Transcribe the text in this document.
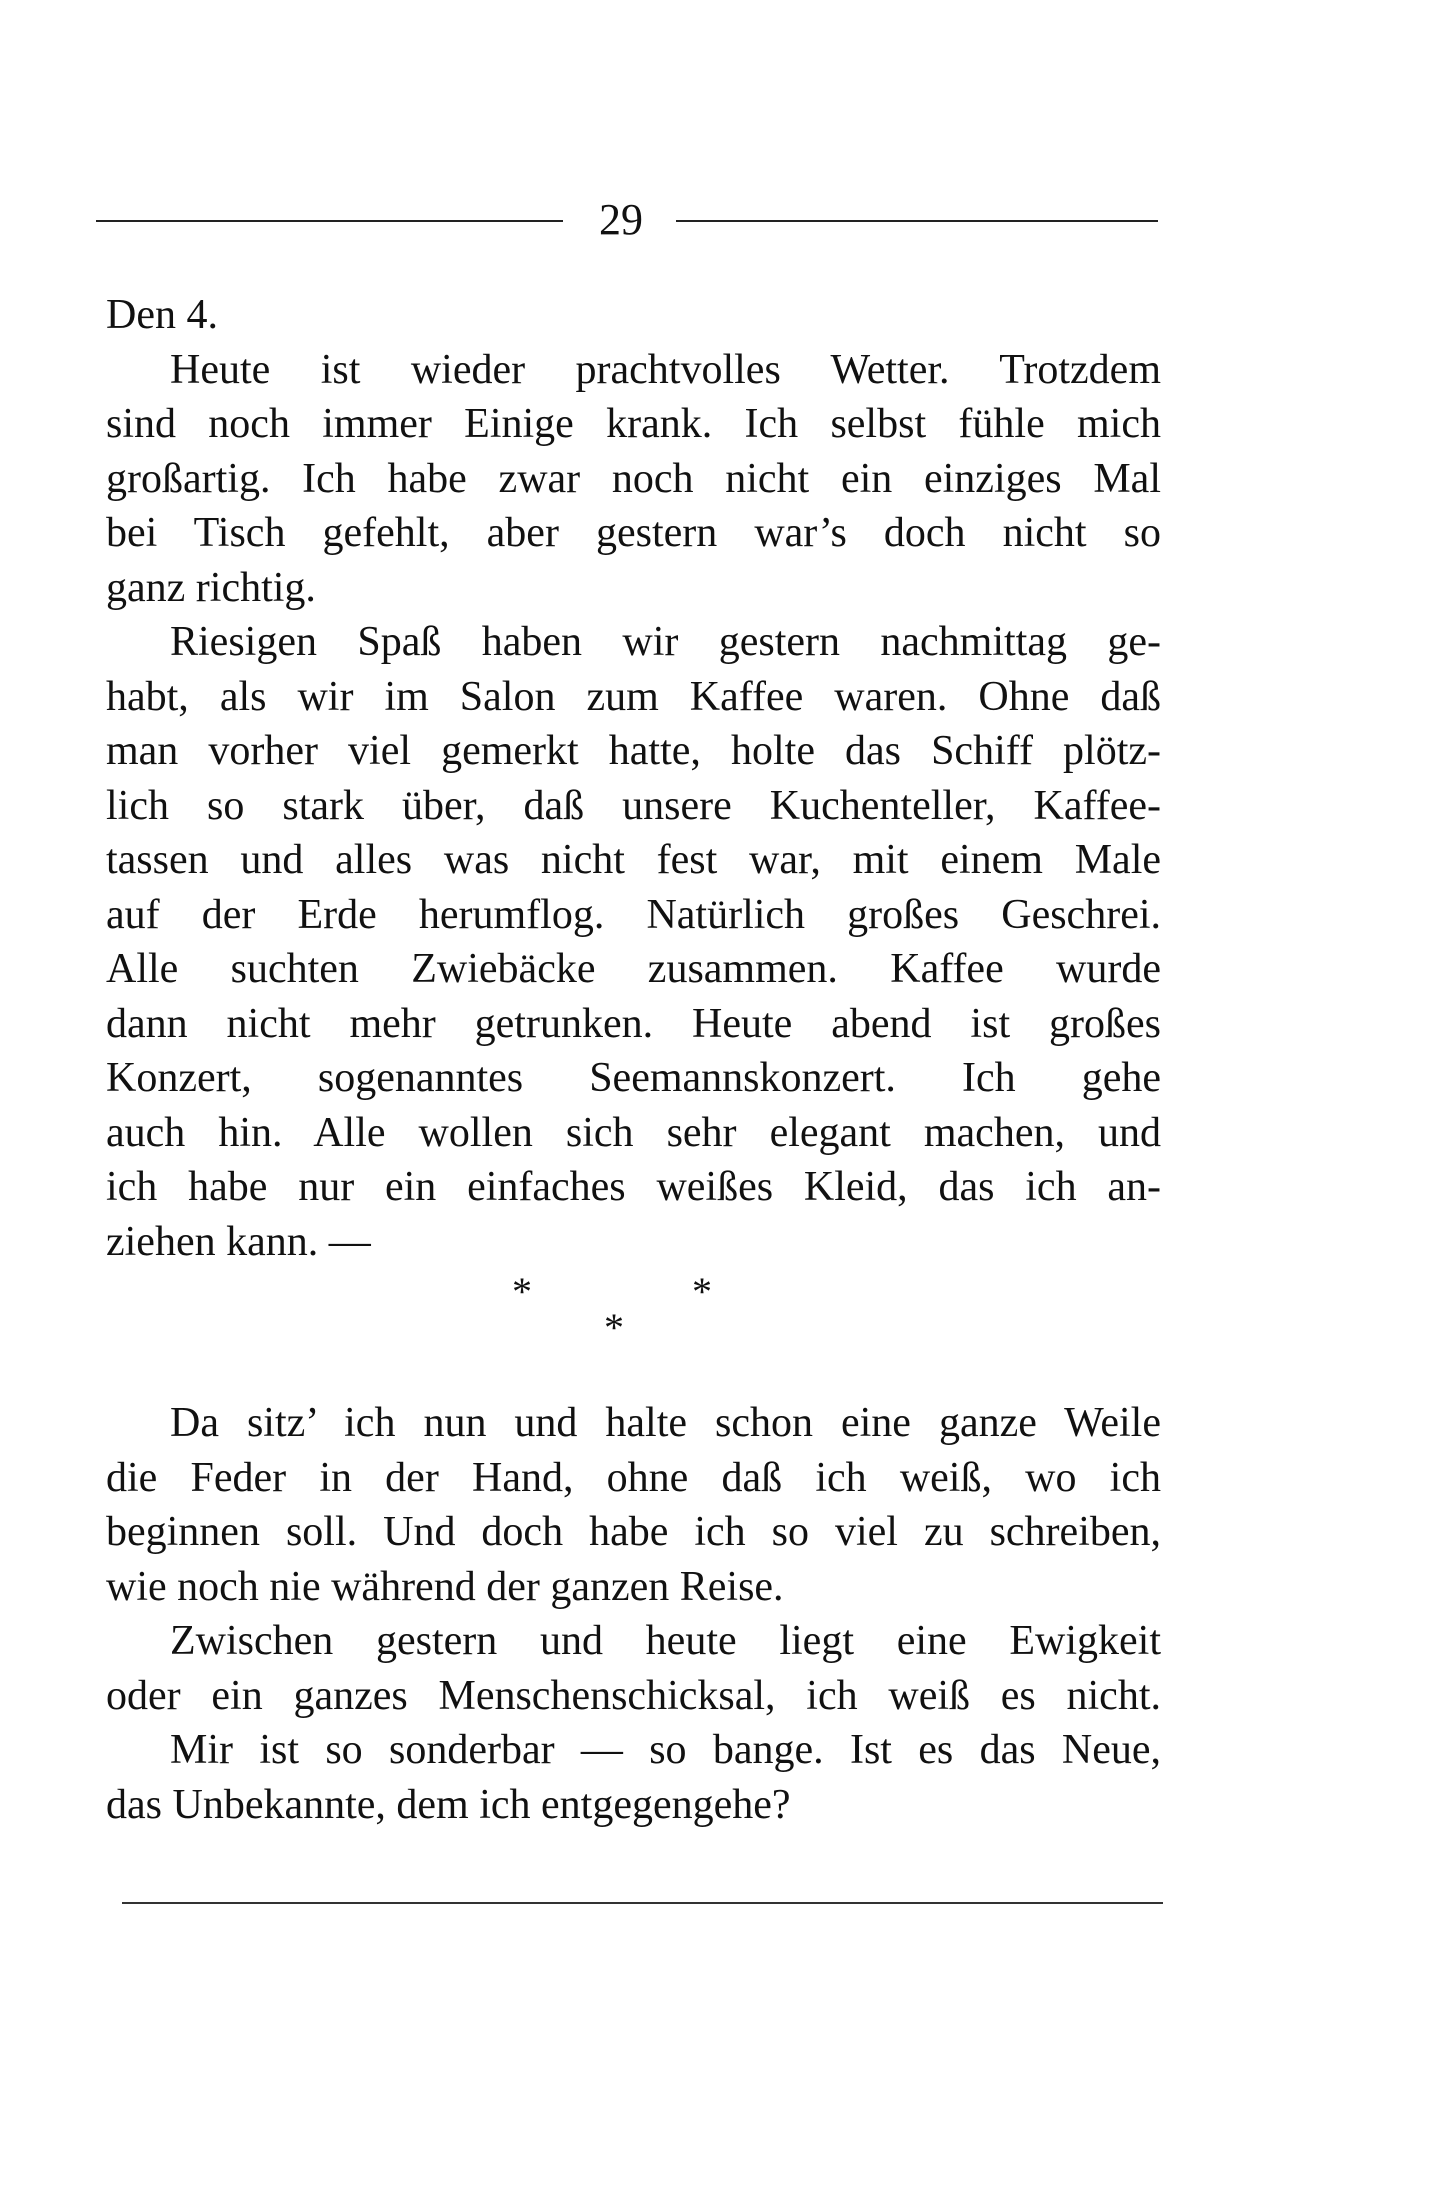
29
Den 4.
Heute ist wieder prachtvolles Wetter. Trotzdem
sind noch immer Einige krank. Ich selbst fühle mich
großartig. Ich habe zwar noch nicht ein einziges Mal
bei Tisch gefehlt, aber gestern war’s doch nicht so
ganz richtig.
Riesigen Spaß haben wir gestern nachmittag ge-
habt, als wir im Salon zum Kaffee waren. Ohne daß
man vorher viel gemerkt hatte, holte das Schiff plötz-
lich so stark über, daß unsere Kuchenteller, Kaffee-
tassen und alles was nicht fest war, mit einem Male
auf der Erde herumflog. Natürlich großes Geschrei.
Alle suchten Zwiebäcke zusammen. Kaffee wurde
dann nicht mehr getrunken. Heute abend ist großes
Konzert, sogenanntes Seemannskonzert. Ich gehe
auch hin. Alle wollen sich sehr elegant machen, und
ich habe nur ein einfaches weißes Kleid, das ich an-
ziehen kann. —
*	*
*
Da sitz’ ich nun und halte schon eine ganze Weile
die Feder in der Hand, ohne daß ich weiß, wo ich
beginnen soll. Und doch habe ich so viel zu schreiben,
wie noch nie während der ganzen Reise.
Zwischen gestern und heute liegt eine Ewigkeit
oder ein ganzes Menschenschicksal, ich weiß es nicht.
Mir ist so sonderbar — so bange. Ist es das Neue,
das Unbekannte, dem ich entgegengehe?
